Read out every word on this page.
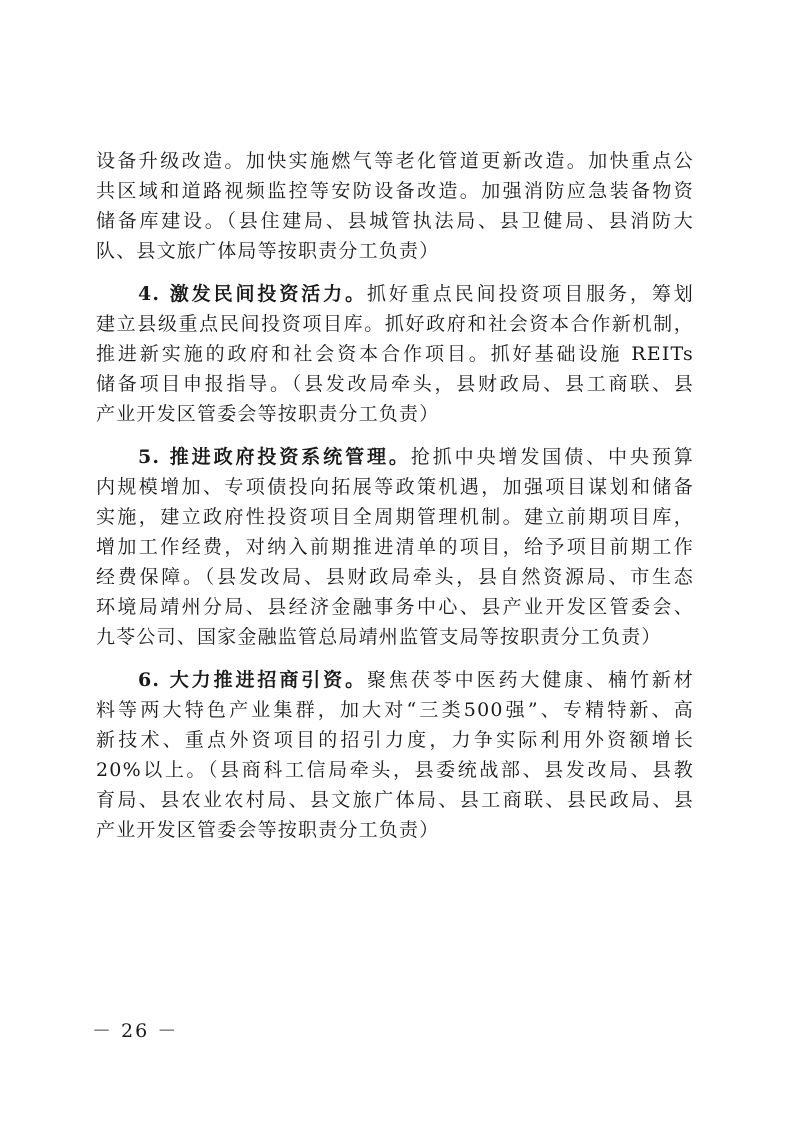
设备升级改造。加快实施燃气等老化管道更新改造。加快重点公
共区域和道路视频监控等安防设备改造。加强消防应急装备物资
储备库建设。（县住建局、县城管执法局、县卫健局、县消防大
队、县文旅广体局等按职责分工负责）
4. 激发民间投资活力。抓好重点民间投资项目服务，筹划
建立县级重点民间投资项目库。抓好政府和社会资本合作新机制，
推进新实施的政府和社会资本合作项目。抓好基础设施 REITs
储备项目申报指导。（县发改局牵头，县财政局、县工商联、县
产业开发区管委会等按职责分工负责）
5. 推进政府投资系统管理。抢抓中央增发国债、中央预算
内规模增加、专项债投向拓展等政策机遇，加强项目谋划和储备
实施，建立政府性投资项目全周期管理机制。建立前期项目库，
增加工作经费，对纳入前期推进清单的项目，给予项目前期工作
经费保障。（县发改局、县财政局牵头，县自然资源局、市生态
环境局靖州分局、县经济金融事务中心、县产业开发区管委会、
九苓公司、国家金融监管总局靖州监管支局等按职责分工负责）
6. 大力推进招商引资。聚焦茯苓中医药大健康、楠竹新材
料等两大特色产业集群，加大对“三类500强”、专精特新、高
新技术、重点外资项目的招引力度，力争实际利用外资额增长
20%以上。（县商科工信局牵头，县委统战部、县发改局、县教
育局、县农业农村局、县文旅广体局、县工商联、县民政局、县
产业开发区管委会等按职责分工负责）
－ 26 －
